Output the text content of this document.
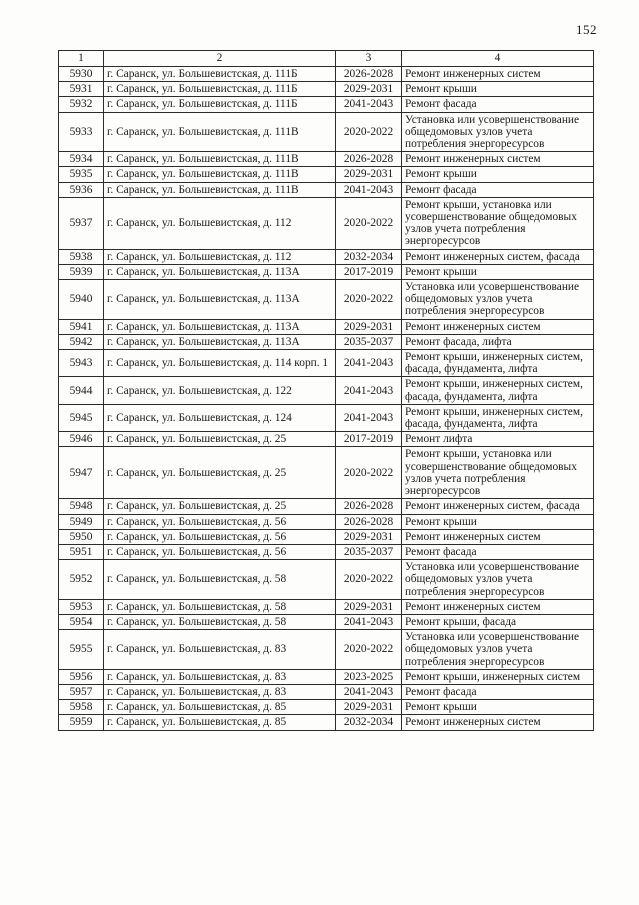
152
1	2	3	4
5930	г. Саранск, ул. Большевистская, д. 111Б	2026-2028	Ремонт инженерных систем
5931	г. Саранск, ул. Большевистская, д. 111Б	2029-2031	Ремонт крыши
5932	г. Саранск, ул. Большевистская, д. 111Б	2041-2043	Ремонт фасада
5933	г. Саранск, ул. Большевистская, д. 111В	2020-2022	Установка или усовершенствование общедомовых узлов учета потребления энергоресурсов
5934	г. Саранск, ул. Большевистская, д. 111В	2026-2028	Ремонт инженерных систем
5935	г. Саранск, ул. Большевистская, д. 111В	2029-2031	Ремонт крыши
5936	г. Саранск, ул. Большевистская, д. 111В	2041-2043	Ремонт фасада
5937	г. Саранск, ул. Большевистская, д. 112	2020-2022	Ремонт крыши, установка или усовершенствование общедомовых узлов учета потребления энергоресурсов
5938	г. Саранск, ул. Большевистская, д. 112	2032-2034	Ремонт инженерных систем, фасада
5939	г. Саранск, ул. Большевистская, д. 113А	2017-2019	Ремонт крыши
5940	г. Саранск, ул. Большевистская, д. 113А	2020-2022	Установка или усовершенствование общедомовых узлов учета потребления энергоресурсов
5941	г. Саранск, ул. Большевистская, д. 113А	2029-2031	Ремонт инженерных систем
5942	г. Саранск, ул. Большевистская, д. 113А	2035-2037	Ремонт фасада, лифта
5943	г. Саранск, ул. Большевистская, д. 114 корп. 1	2041-2043	Ремонт крыши, инженерных систем, фасада, фундамента, лифта
5944	г. Саранск, ул. Большевистская, д. 122	2041-2043	Ремонт крыши, инженерных систем, фасада, фундамента, лифта
5945	г. Саранск, ул. Большевистская, д. 124	2041-2043	Ремонт крыши, инженерных систем, фасада, фундамента, лифта
5946	г. Саранск, ул. Большевистская, д. 25	2017-2019	Ремонт лифта
5947	г. Саранск, ул. Большевистская, д. 25	2020-2022	Ремонт крыши, установка или усовершенствование общедомовых узлов учета потребления энергоресурсов
5948	г. Саранск, ул. Большевистская, д. 25	2026-2028	Ремонт инженерных систем, фасада
5949	г. Саранск, ул. Большевистская, д. 56	2026-2028	Ремонт крыши
5950	г. Саранск, ул. Большевистская, д. 56	2029-2031	Ремонт инженерных систем
5951	г. Саранск, ул. Большевистская, д. 56	2035-2037	Ремонт фасада
5952	г. Саранск, ул. Большевистская, д. 58	2020-2022	Установка или усовершенствование общедомовых узлов учета потребления энергоресурсов
5953	г. Саранск, ул. Большевистская, д. 58	2029-2031	Ремонт инженерных систем
5954	г. Саранск, ул. Большевистская, д. 58	2041-2043	Ремонт крыши, фасада
5955	г. Саранск, ул. Большевистская, д. 83	2020-2022	Установка или усовершенствование общедомовых узлов учета потребления энергоресурсов
5956	г. Саранск, ул. Большевистская, д. 83	2023-2025	Ремонт крыши, инженерных систем
5957	г. Саранск, ул. Большевистская, д. 83	2041-2043	Ремонт фасада
5958	г. Саранск, ул. Большевистская, д. 85	2029-2031	Ремонт крыши
5959	г. Саранск, ул. Большевистская, д. 85	2032-2034	Ремонт инженерных систем
